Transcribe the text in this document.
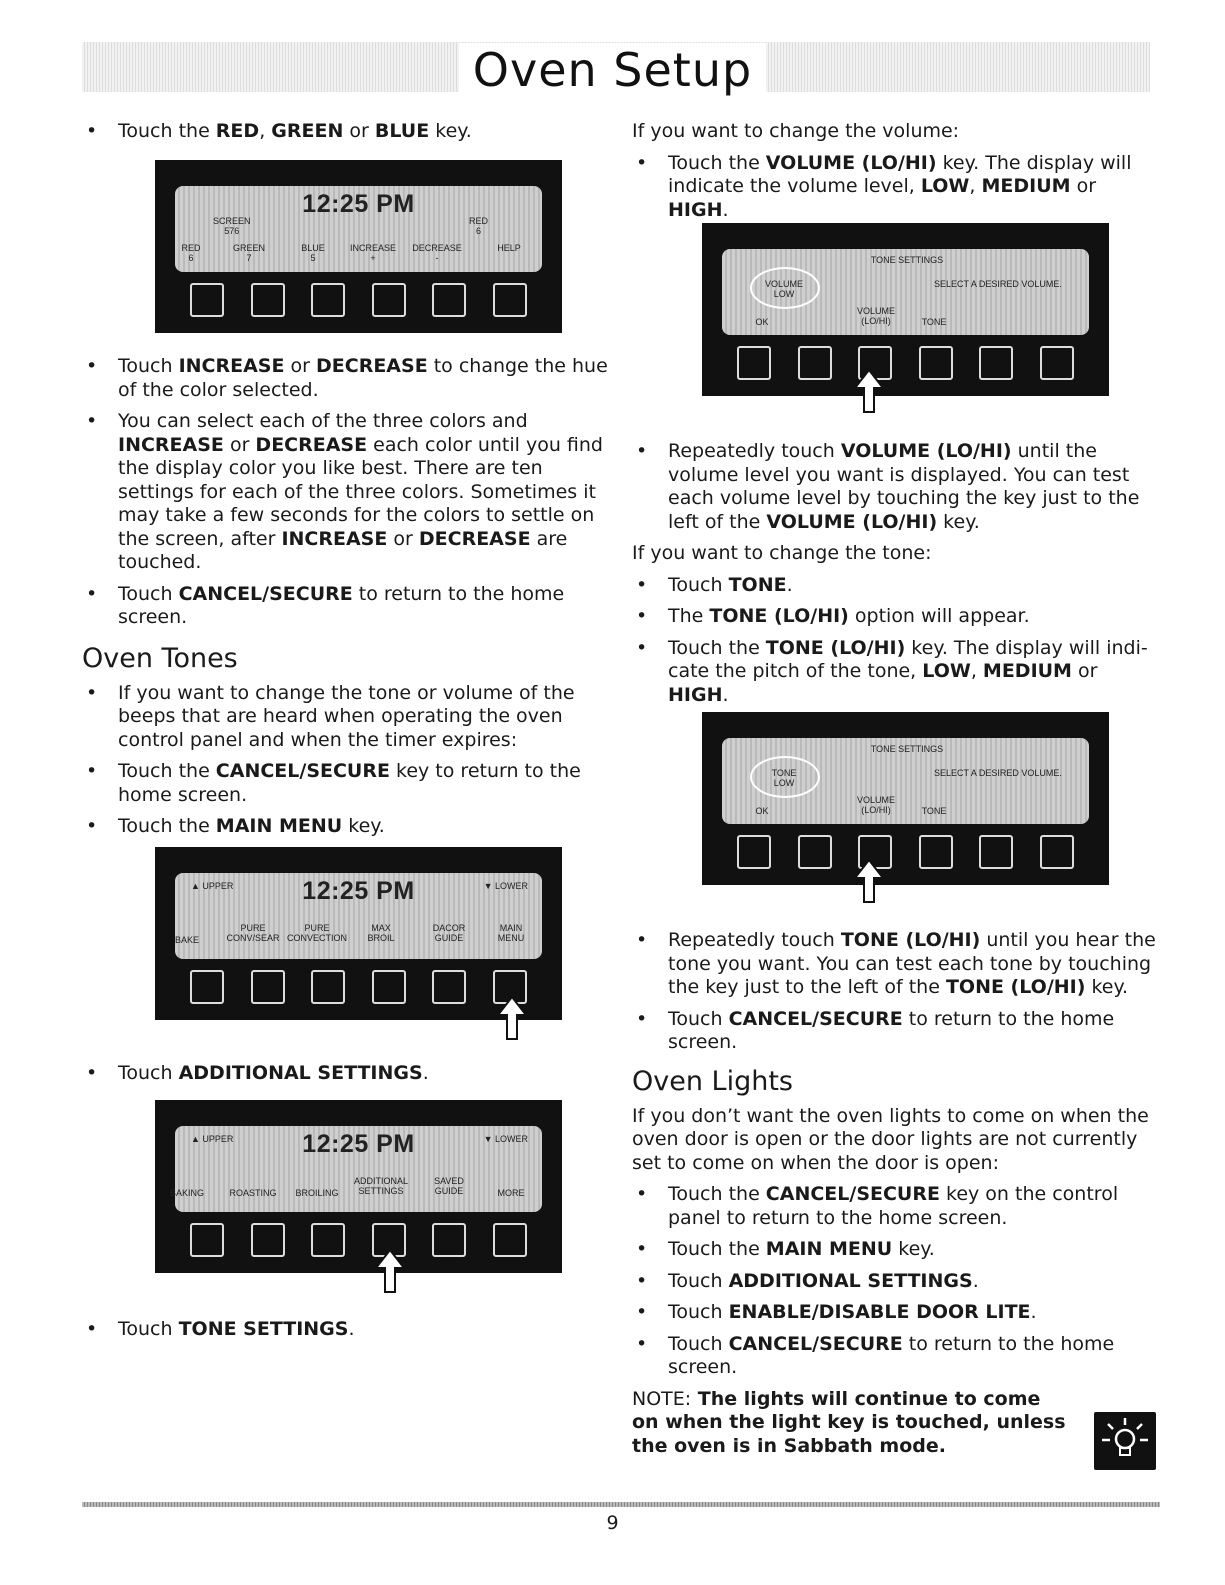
Oven Setup
• Touch the RED, GREEN or BLUE key.
12:25 PM
SCREEN
576
RED
6
RED
6
GREEN
7
BLUE
5
INCREASE
+
DECREASE
-
HELP
• Touch INCREASE or DECREASE to change the hue of the color selected.
• You can select each of the three colors and INCREASE or DECREASE each color until you find the display color you like best. There are ten settings for each of the three colors. Sometimes it may take a few seconds for the colors to settle on the screen, after INCREASE or DECREASE are touched.
• Touch CANCEL/SECURE to return to the home screen.
Oven Tones
• If you want to change the tone or volume of the beeps that are heard when operating the oven control panel and when the timer expires:
• Touch the CANCEL/SECURE key to return to the home screen.
• Touch the MAIN MENU key.
▲ UPPER	▼ LOWER
12:25 PM
BAKE
PURE
CONV/SEAR
PURE
CONVECTION
MAX
BROIL
DACOR
GUIDE
MAIN
MENU
• Touch ADDITIONAL SETTINGS.
▲ UPPER	▼ LOWER
12:25 PM
BAKING	ROASTING	BROILING
ADDITIONAL
SETTINGS
SAVED
GUIDE	MORE
• Touch TONE SETTINGS.
If you want to change the volume:
• Touch the VOLUME (LO/HI) key. The display will indicate the volume level, LOW, MEDIUM or HIGH.
TONE SETTINGS
VOLUME
LOW
SELECT A DESIRED VOLUME.
OK
VOLUME
(LO/HI)	TONE
• Repeatedly touch VOLUME (LO/HI) until the volume level you want is displayed. You can test each volume level by touching the key just to the left of the VOLUME (LO/HI) key.
If you want to change the tone:
• Touch TONE.
• The TONE (LO/HI) option will appear.
• Touch the TONE (LO/HI) key. The display will indi-cate the pitch of the tone, LOW, MEDIUM or HIGH.
TONE SETTINGS
TONE
LOW
SELECT A DESIRED VOLUME.
OK
VOLUME
(LO/HI)	TONE
• Repeatedly touch TONE (LO/HI) until you hear the tone you want. You can test each tone by touching the key just to the left of the TONE (LO/HI) key.
• Touch CANCEL/SECURE to return to the home screen.
Oven Lights
If you don’t want the oven lights to come on when the oven door is open or the door lights are not currently set to come on when the door is open:
• Touch the CANCEL/SECURE key on the control panel to return to the home screen.
• Touch the MAIN MENU key.
• Touch ADDITIONAL SETTINGS.
• Touch ENABLE/DISABLE DOOR LITE.
• Touch CANCEL/SECURE to return to the home screen.
NOTE: The lights will continue to come on when the light key is touched, unless the oven is in Sabbath mode.
9
